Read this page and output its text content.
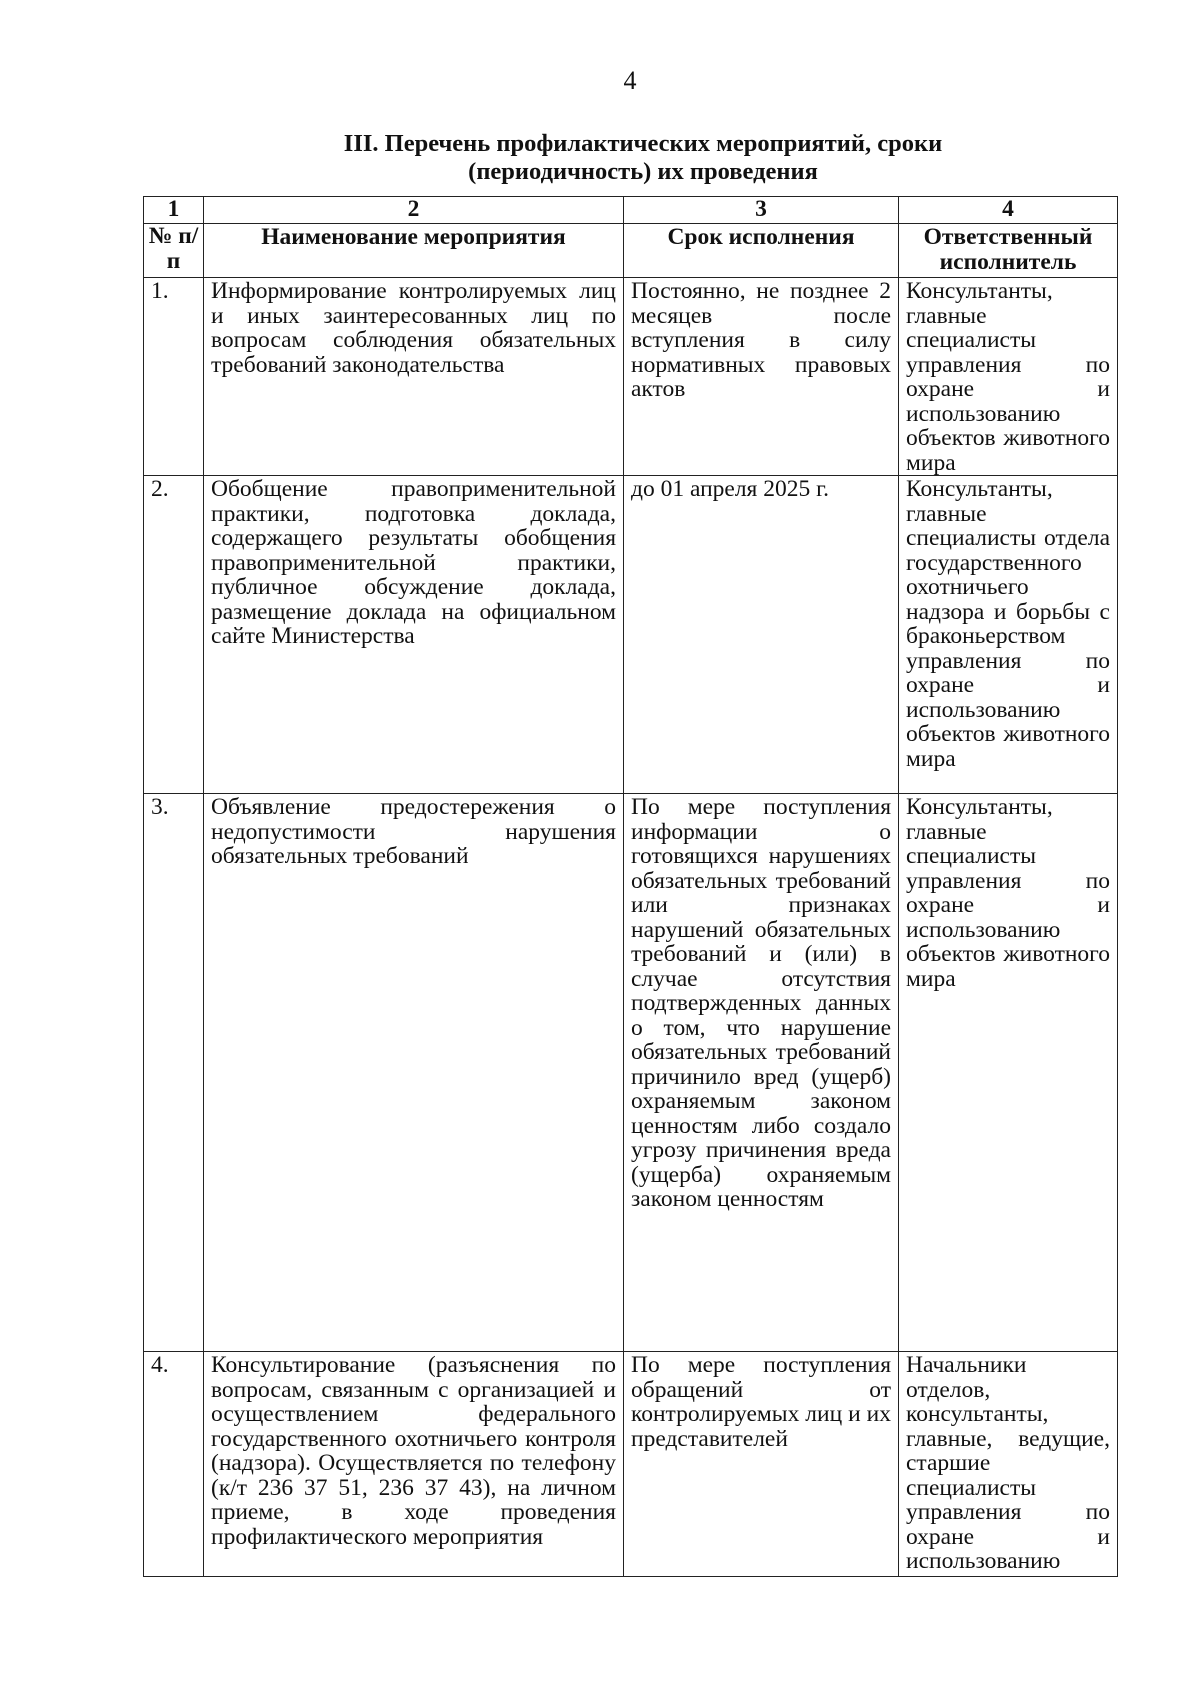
4
III. Перечень профилактических мероприятий, сроки
(периодичность) их проведения
1	2	3	4
№ п/п	Наименование мероприятия	Срок исполнения	Ответственный исполнитель
1.	Информирование контролируемых лиц и иных заинтересованных лиц по вопросам соблюдения обязательных требований законодательства	Постоянно, не позднее 2 месяцев после вступления в силу нормативных правовых актов	Консультанты, главные специалисты управления по охране и использованию объектов животного мира

2.	Обобщение правоприменительной практики, подготовка доклада, содержащего результаты обобщения правоприменительной практики, публичное обсуждение доклада, размещение доклада на официальном сайте Министерства	до 01 апреля 2025 г.	Консультанты, главные специалисты отдела государственного охотничьего надзора и борьбы с браконьерством управления по охране и использованию объектов животного мира

3.	Объявление предостережения о недопустимости нарушения обязательных требований	По мере поступления информации о готовящихся нарушениях обязательных требований или признаках нарушений обязательных требований и (или) в случае отсутствия подтвержденных данных о том, что нарушение обязательных требований причинило вред (ущерб) охраняемым законом ценностям либо создало угрозу причинения вреда (ущерба) охраняемым законом ценностям	Консультанты, главные специалисты управления по охране и использованию объектов животного мира

4.	Консультирование (разъяснения по вопросам, связанным с организацией и осуществлением федерального государственного охотничьего контроля (надзора). Осуществляется по телефону (к/т 236 37 51, 236 37 43), на личном приеме, в ходе проведения профилактического мероприятия	По мере поступления обращений от контролируемых лиц и их представителей	Начальники отделов, консультанты, главные, ведущие, старшие специалисты управления по охране и использованию
